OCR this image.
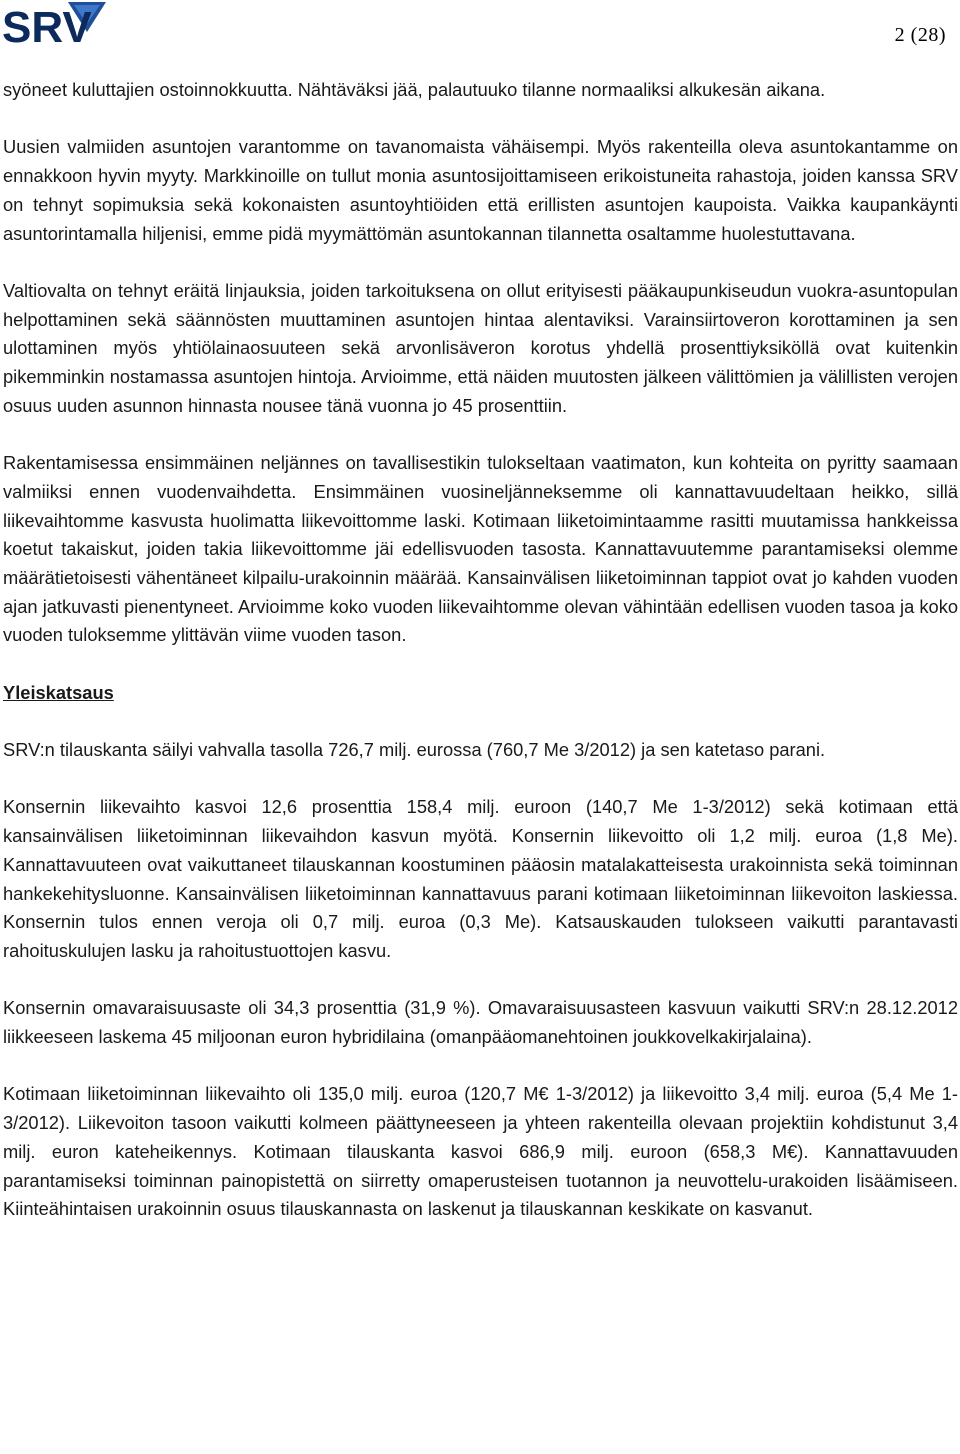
SRV	2 (28)

syöneet kuluttajien ostoinnokkuutta. Nähtäväksi jää, palautuuko tilanne normaaliksi alkukesän aikana.

Uusien valmiiden asuntojen varantomme on tavanomaista vähäisempi. Myös rakenteilla oleva asuntokantamme on ennakkoon hyvin myyty. Markkinoille on tullut monia asuntosijoittamiseen erikoistuneita rahastoja, joiden kanssa SRV on tehnyt sopimuksia sekä kokonaisten asuntoyhtiöiden että erillisten asuntojen kaupoista. Vaikka kaupankäynti asuntorintamalla hiljenisi, emme pidä myymättömän asuntokannan tilannetta osaltamme huolestuttavana.

Valtiovalta on tehnyt eräitä linjauksia, joiden tarkoituksena on ollut erityisesti pääkaupunkiseudun vuokra-asuntopulan helpottaminen sekä säännösten muuttaminen asuntojen hintaa alentaviksi. Varainsiirtoveron korottaminen ja sen ulottaminen myös yhtiölainaosuuteen sekä arvonlisäveron korotus yhdellä prosenttiyksiköllä ovat kuitenkin pikemminkin nostamassa asuntojen hintoja. Arvioimme, että näiden muutosten jälkeen välittömien ja välillisten verojen osuus uuden asunnon hinnasta nousee tänä vuonna jo 45 prosenttiin.

Rakentamisessa ensimmäinen neljännes on tavallisestikin tulokseltaan vaatimaton, kun kohteita on pyritty saamaan valmiiksi ennen vuodenvaihdetta. Ensimmäinen vuosineljänneksemme oli kannattavuudeltaan heikko, sillä liikevaihtomme kasvusta huolimatta liikevoittomme laski. Kotimaan liiketoimintaamme rasitti muutamissa hankkeissa koetut takaiskut, joiden takia liikevoittomme jäi edellisvuoden tasosta. Kannattavuutemme parantamiseksi olemme määrätietoisesti vähentäneet kilpailu-urakoinnin määrää. Kansainvälisen liiketoiminnan tappiot ovat jo kahden vuoden ajan jatkuvasti pienentyneet. Arvioimme koko vuoden liikevaihtomme olevan vähintään edellisen vuoden tasoa ja koko vuoden tuloksemme ylittävän viime vuoden tason.

Yleiskatsaus

SRV:n tilauskanta säilyi vahvalla tasolla 726,7 milj. eurossa (760,7 Me 3/2012) ja sen katetaso parani.

Konsernin liikevaihto kasvoi 12,6 prosenttia 158,4 milj. euroon (140,7 Me 1-3/2012) sekä kotimaan että kansainvälisen liiketoiminnan liikevaihdon kasvun myötä. Konsernin liikevoitto oli 1,2 milj. euroa (1,8 Me). Kannattavuuteen ovat vaikuttaneet tilauskannan koostuminen pääosin matalakatteisesta urakoinnista sekä toiminnan hankekehitysluonne. Kansainvälisen liiketoiminnan kannattavuus parani kotimaan liiketoiminnan liikevoiton laskiessa. Konsernin tulos ennen veroja oli 0,7 milj. euroa (0,3 Me). Katsauskauden tulokseen vaikutti parantavasti rahoituskulujen lasku ja rahoitustuottojen kasvu.

Konsernin omavaraisuusaste oli 34,3 prosenttia (31,9 %). Omavaraisuusasteen kasvuun vaikutti SRV:n 28.12.2012 liikkeeseen laskema 45 miljoonan euron hybridilaina (omanpääomanehtoinen joukkovelkakirjalaina).

Kotimaan liiketoiminnan liikevaihto oli 135,0 milj. euroa (120,7 M€ 1-3/2012) ja liikevoitto 3,4 milj. euroa (5,4 Me 1-3/2012). Liikevoiton tasoon vaikutti kolmeen päättyneeseen ja yhteen rakenteilla olevaan projektiin kohdistunut 3,4 milj. euron kateheikennys. Kotimaan tilauskanta kasvoi 686,9 milj. euroon (658,3 M€). Kannattavuuden parantamiseksi toiminnan painopistettä on siirretty omaperusteisen tuotannon ja neuvottelu-urakoiden lisäämiseen. Kiinteähintaisen urakoinnin osuus tilauskannasta on laskenut ja tilauskannan keskikate on kasvanut.
